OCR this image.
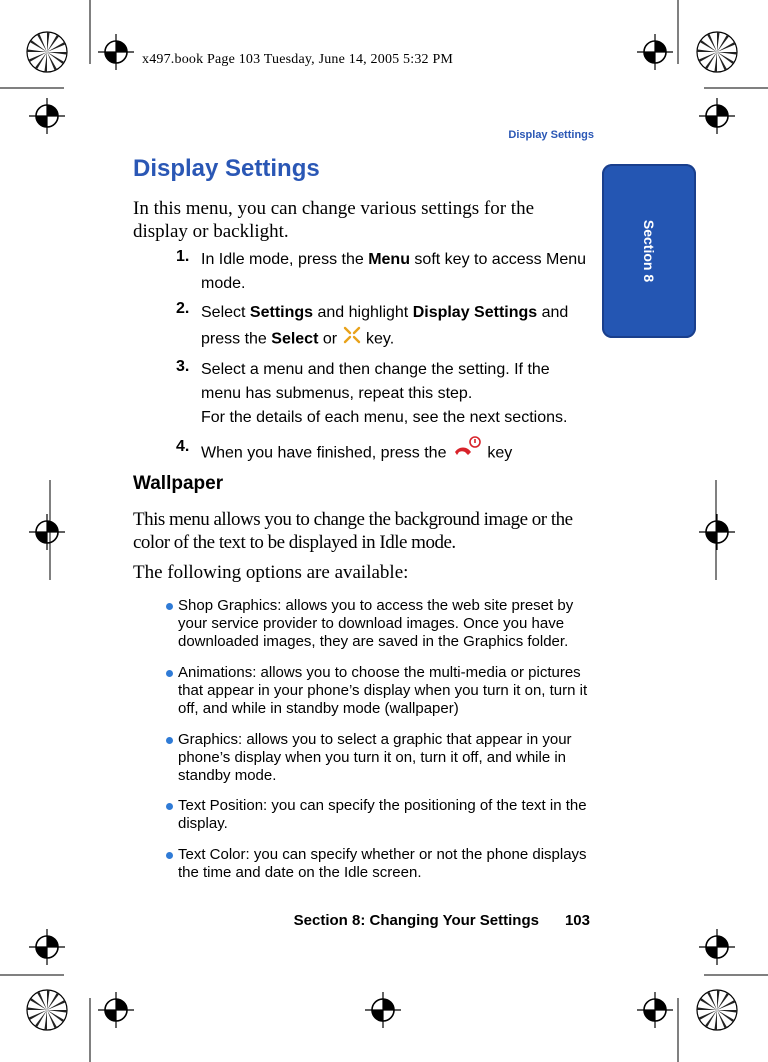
x497.book Page 103 Tuesday, June 14, 2005 5:32 PM
Display Settings
Section 8
Display Settings
In this menu, you can change various settings for the display or backlight.
1. In Idle mode, press the Menu soft key to access Menu mode.
2. Select Settings and highlight Display Settings and press the Select or  key.
3. Select a menu and then change the setting. If the menu has submenus, repeat this step.
For the details of each menu, see the next sections.
4. When you have finished, press the  key
Wallpaper
This menu allows you to change the background image or the color of the text to be displayed in Idle mode.
The following options are available:
Shop Graphics: allows you to access the web site preset by your service provider to download images. Once you have downloaded images, they are saved in the Graphics folder.
Animations: allows you to choose the multi-media or pictures that appear in your phone’s display when you turn it on, turn it off, and while in standby mode (wallpaper)
Graphics: allows you to select a graphic that appear in your phone’s display when you turn it on, turn it off, and while in standby mode.
Text Position: you can specify the positioning of the text in the display.
Text Color: you can specify whether or not the phone displays the time and date on the Idle screen.
Section 8: Changing Your Settings 103
